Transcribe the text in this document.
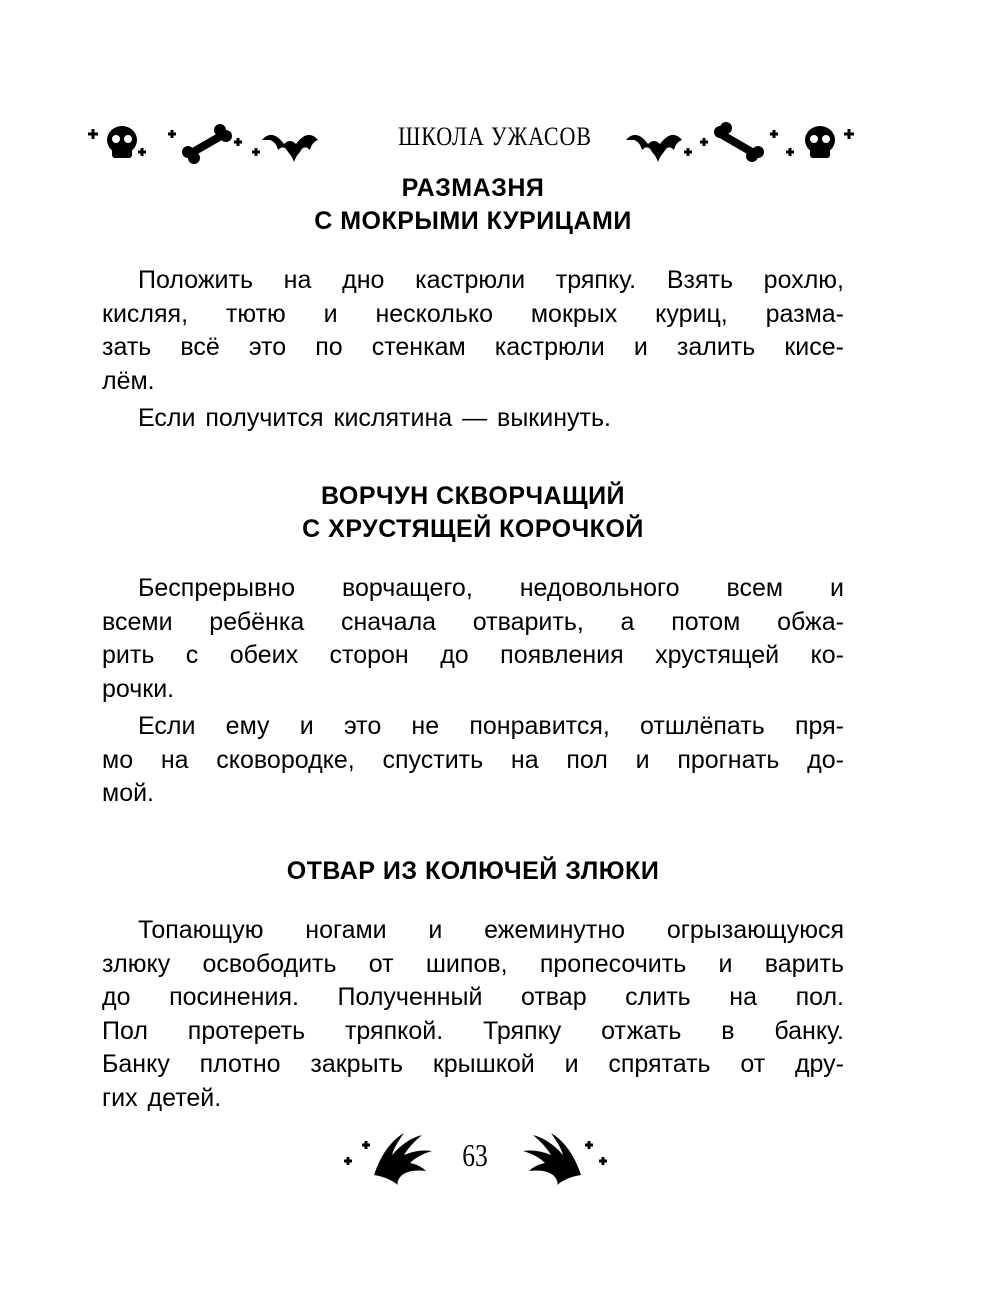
ШКОЛА УЖАСОВ
РАЗМАЗНЯ
С МОКРЫМИ КУРИЦАМИ

Положить на дно кастрюли тряпку. Взять рохлю,
кисляя, тютю и несколько мокрых куриц, разма-
зать всё это по стенкам кастрюли и залить кисе-
лём.

Если получится кислятина — выкинуть.

ВОРЧУН СКВОРЧАЩИЙ
С ХРУСТЯЩЕЙ КОРОЧКОЙ

Беспрерывно ворчащего, недовольного всем и
всеми ребёнка сначала отварить, а потом обжа-
рить с обеих сторон до появления хрустящей ко-
рочки.

Если ему и это не понравится, отшлёпать пря-
мо на сковородке, спустить на пол и прогнать до-
мой.

ОТВАР ИЗ КОЛЮЧЕЙ ЗЛЮКИ

Топающую ногами и ежеминутно огрызающуюся
злюку освободить от шипов, пропесочить и варить
до посинения. Полученный отвар слить на пол.
Пол протереть тряпкой. Тряпку отжать в банку.
Банку плотно закрыть крышкой и спрятать от дру-
гих детей.

63
